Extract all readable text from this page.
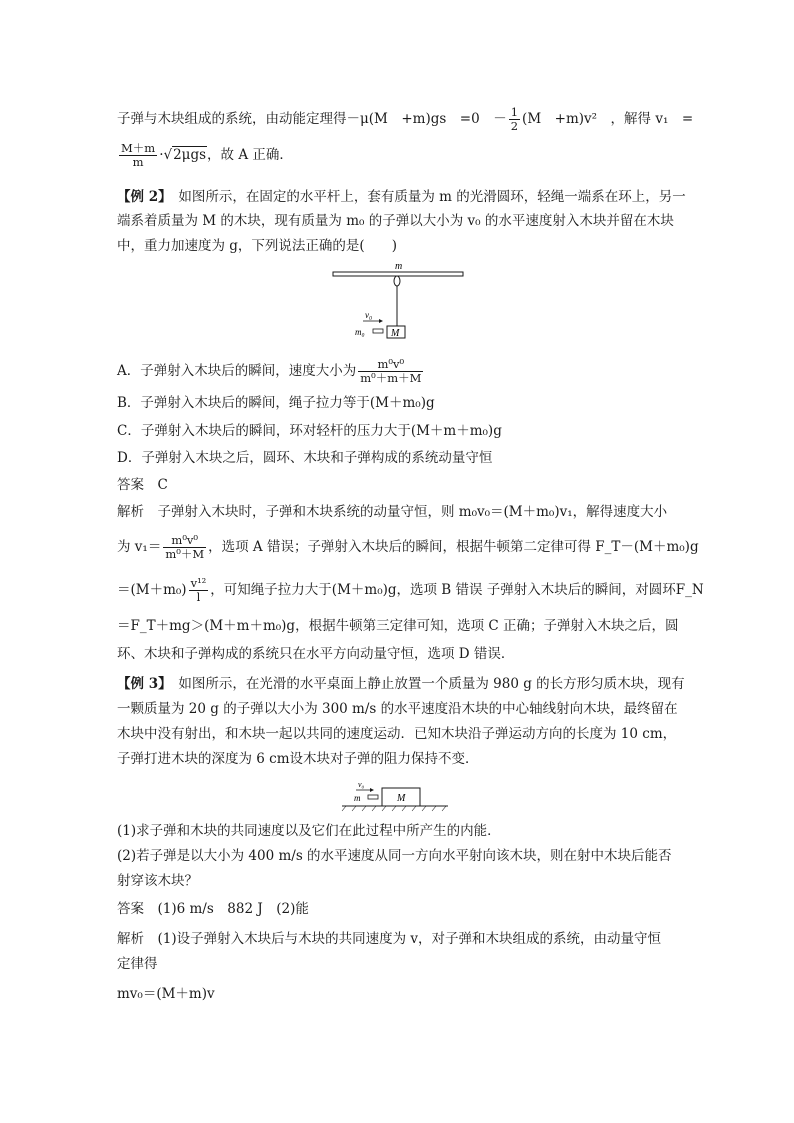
子弹与木块组成的系统，由动能定理得－μ(M　+m)gs　=0　－ $\frac{1}{2} (M$　+m)v²　，解得 v₁　=
$\frac{M+m}{m} \cdot√2\mu gs$，故 A 正确．
【例 2】　如图所示，在固定的水平杆上，套有质量为 m 的光滑圆环，轻绳一端系在环上，另一
端系着质量为 M 的木块，现有质量为 m₀ 的子弹以大小为 v₀ 的水平速度射入木块并留在木块
中，重力加速度为 g，下列说法正确的是(　　)
m
M
v₀
m₀
A．子弹射入木块后的瞬间，速度大小为 $\frac{\text{m⁰v⁰}}{\text{m⁰＋m＋M}}$
B．子弹射入木块后的瞬间，绳子拉力等于(M＋m₀)g
C．子弹射入木块后的瞬间，环对轻杆的压力大于(M＋m＋m₀)g
D．子弹射入木块之后，圆环、木块和子弹构成的系统动量守恒
答案　C
解析　子弹射入木块时，子弹和木块系统的动量守恒，则 m₀v₀＝(M＋m₀)v₁，解得速度大小
为 $v_1= \frac{\text{m⁰v⁰}}{\text{m⁰＋M}}$ ，选项 A 错误；子弹射入木块后的瞬间，根据牛顿第二定律可得 F_T－(M＋m₀)g
$=(M+m_0) \frac{\text{v¹²}}{l}$ ，可知绳子拉力大于(M＋m₀)g，选项 B 错误 子弹射入木块后的瞬间，对圆环F_N
＝F_T＋mg＞(M＋m＋m₀)g，根据牛顿第三定律可知，选项 C 正确；子弹射入木块之后，圆
环、木块和子弹构成的系统只在水平方向动量守恒，选项 D 错误．
【例 3】　如图所示，在光滑的水平桌面上静止放置一个质量为 980 g 的长方形匀质木块，现有
一颗质量为 20 g 的子弹以大小为 300 m/s 的水平速度沿木块的中心轴线射向木块，最终留在
木块中没有射出，和木块一起以共同的速度运动．已知木块沿子弹运动方向的长度为 10 cm，
子弹打进木块的深度为 6 cm设木块对子弹的阻力保持不变．
M
v₀
m
(1)求子弹和木块的共同速度以及它们在此过程中所产生的内能．
(2)若子弹是以大小为 400 m/s 的水平速度从同一方向水平射向该木块，则在射中木块后能否
射穿该木块？
答案　(1)6 m/s　882 J　(2)能
解析　(1)设子弹射入木块后与木块的共同速度为 v，对子弹和木块组成的系统，由动量守恒
定律得
mv₀＝(M＋m)v
